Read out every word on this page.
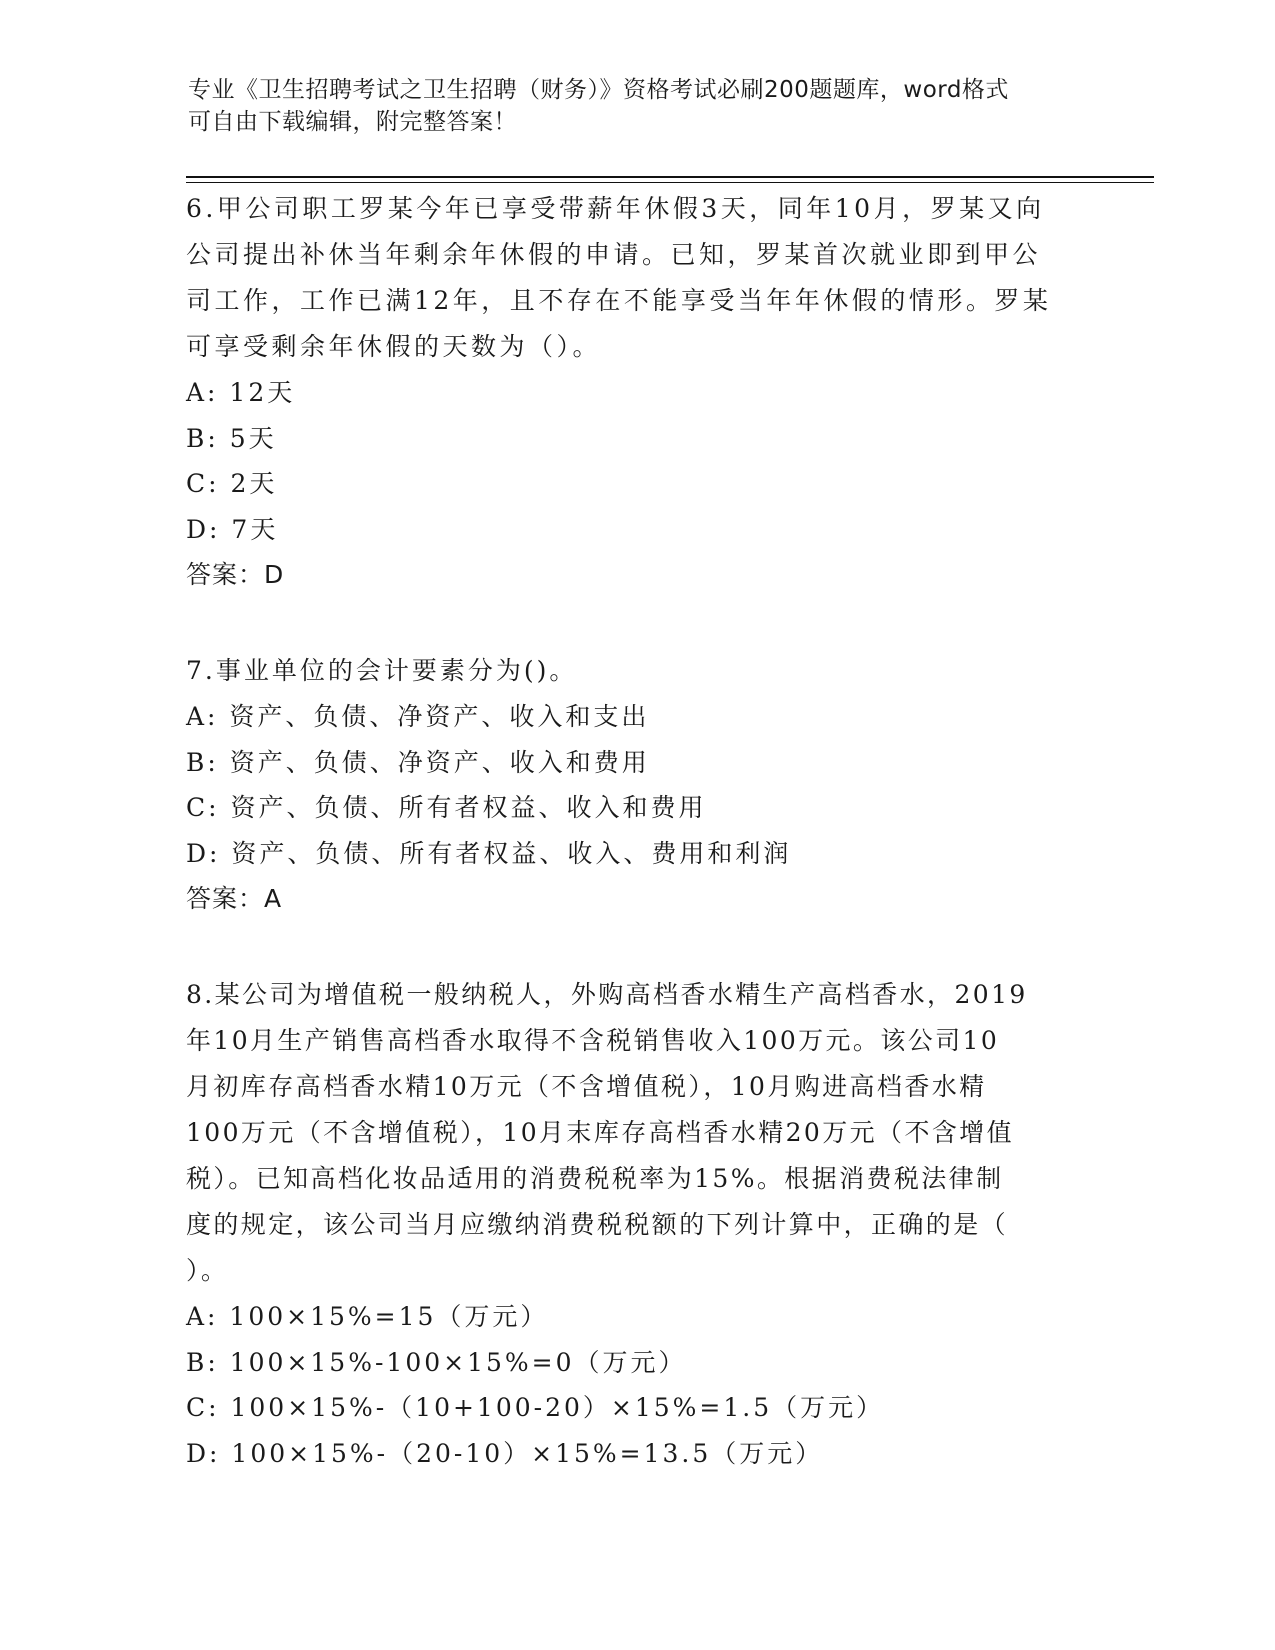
专业《卫生招聘考试之卫生招聘（财务）》资格考试必刷200题题库，word格式
可自由下载编辑，附完整答案！
6.甲公司职工罗某今年已享受带薪年休假3天，同年10月，罗某又向
公司提出补休当年剩余年休假的申请。已知，罗某首次就业即到甲公
司工作，工作已满12年，且不存在不能享受当年年休假的情形。罗某
可享受剩余年休假的天数为（）。
A: 12天
B: 5天
C: 2天
D: 7天
答案：D
7.事业单位的会计要素分为()。
A: 资产、负债、净资产、收入和支出
B: 资产、负债、净资产、收入和费用
C: 资产、负债、所有者权益、收入和费用
D: 资产、负债、所有者权益、收入、费用和利润
答案：A
8.某公司为增值税一般纳税人，外购高档香水精生产高档香水，2019
年10月生产销售高档香水取得不含税销售收入100万元。该公司10
月初库存高档香水精10万元（不含增值税），10月购进高档香水精
100万元（不含增值税），10月末库存高档香水精20万元（不含增值
税）。已知高档化妆品适用的消费税税率为15%。根据消费税法律制
度的规定，该公司当月应缴纳消费税税额的下列计算中，正确的是（
）。
A: 100×15%=15（万元）
B: 100×15%-100×15%=0（万元）
C: 100×15%-（10+100-20）×15%=1.5（万元）
D: 100×15%-（20-10）×15%=13.5（万元）
